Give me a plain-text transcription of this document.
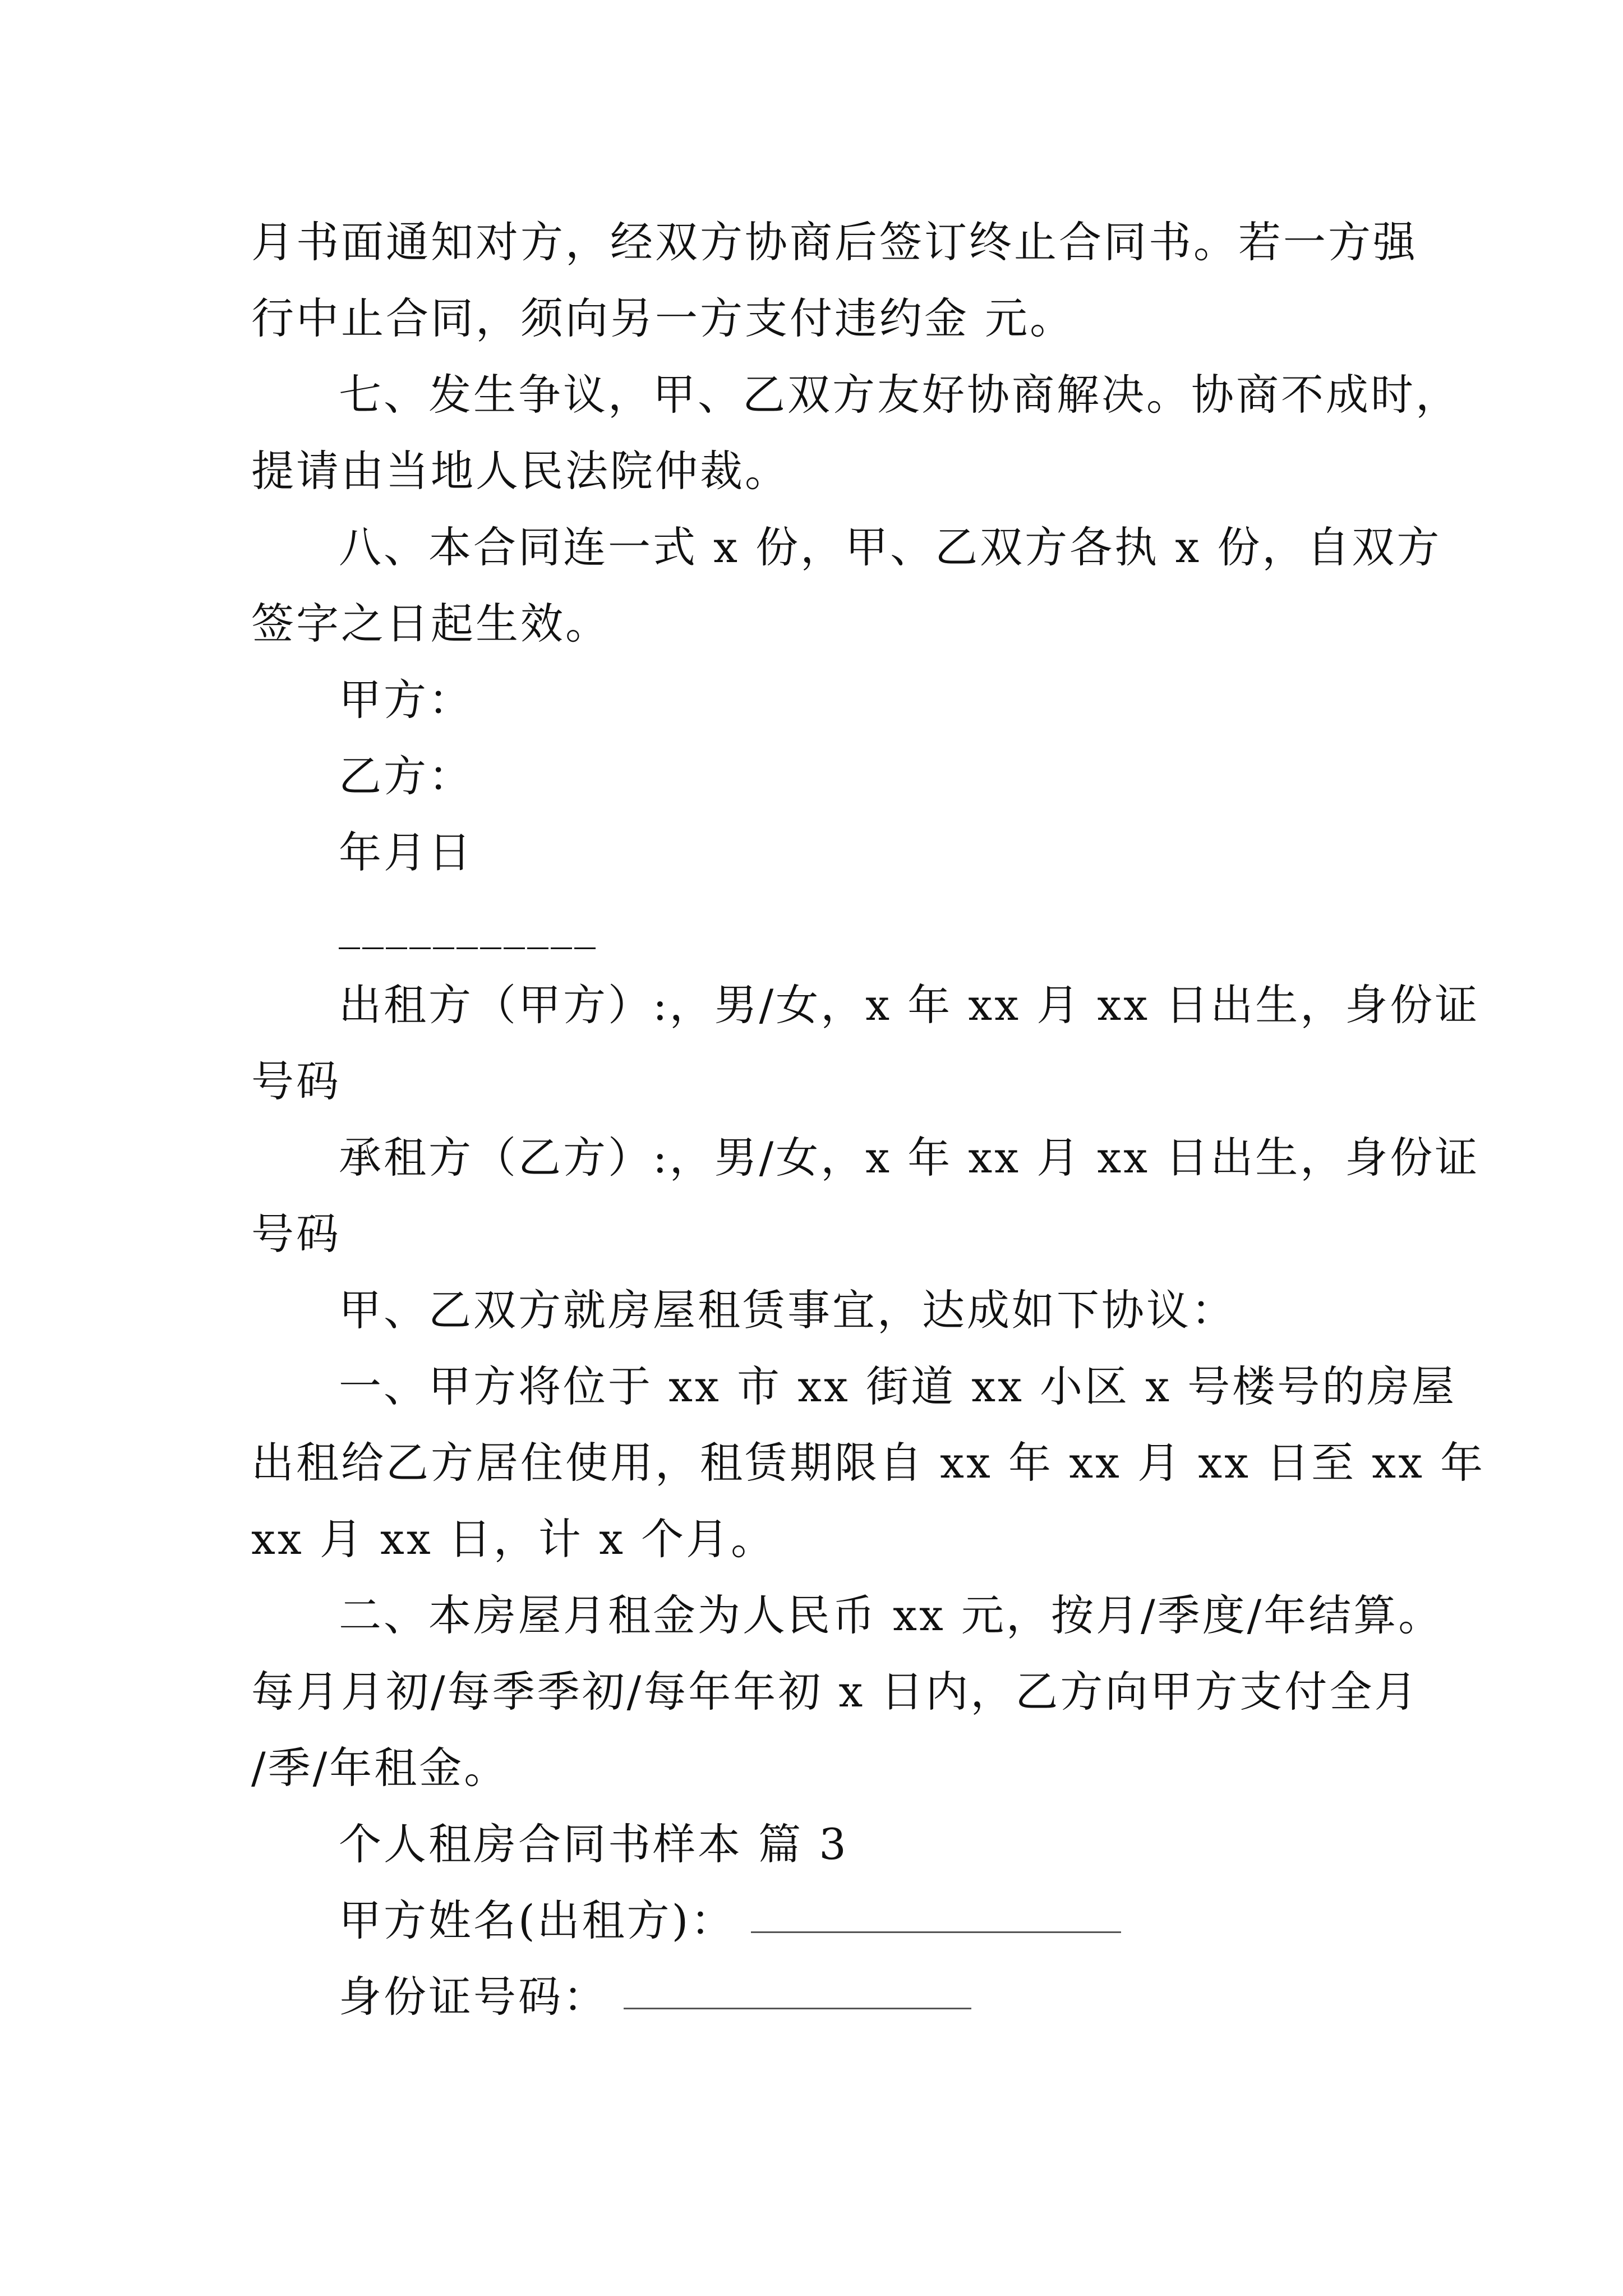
月书面通知对方，经双方协商后签订终止合同书。若一方强
行中止合同，须向另一方支付违约金 元。
七、发生争议，甲、乙双方友好协商解决。协商不成时，
提请由当地人民法院仲裁。
八、本合同连一式 x 份，甲、乙双方各执 x 份，自双方
签字之日起生效。
甲方：
乙方：
年月日
___________
出租方（甲方）:，男/女，x 年 xx 月 xx 日出生，身份证
号码
承租方（乙方）:，男/女，x 年 xx 月 xx 日出生，身份证
号码
甲、乙双方就房屋租赁事宜，达成如下协议：
一、甲方将位于 xx 市 xx 街道 xx 小区 x 号楼号的房屋
出租给乙方居住使用，租赁期限自 xx 年 xx 月 xx 日至 xx 年
xx 月 xx 日，计 x 个月。
二、本房屋月租金为人民币 xx 元，按月/季度/年结算。
每月月初/每季季初/每年年初 x 日内，乙方向甲方支付全月
/季/年租金。
个人租房合同书样本 篇 3
甲方姓名(出租方)：
身份证号码：
